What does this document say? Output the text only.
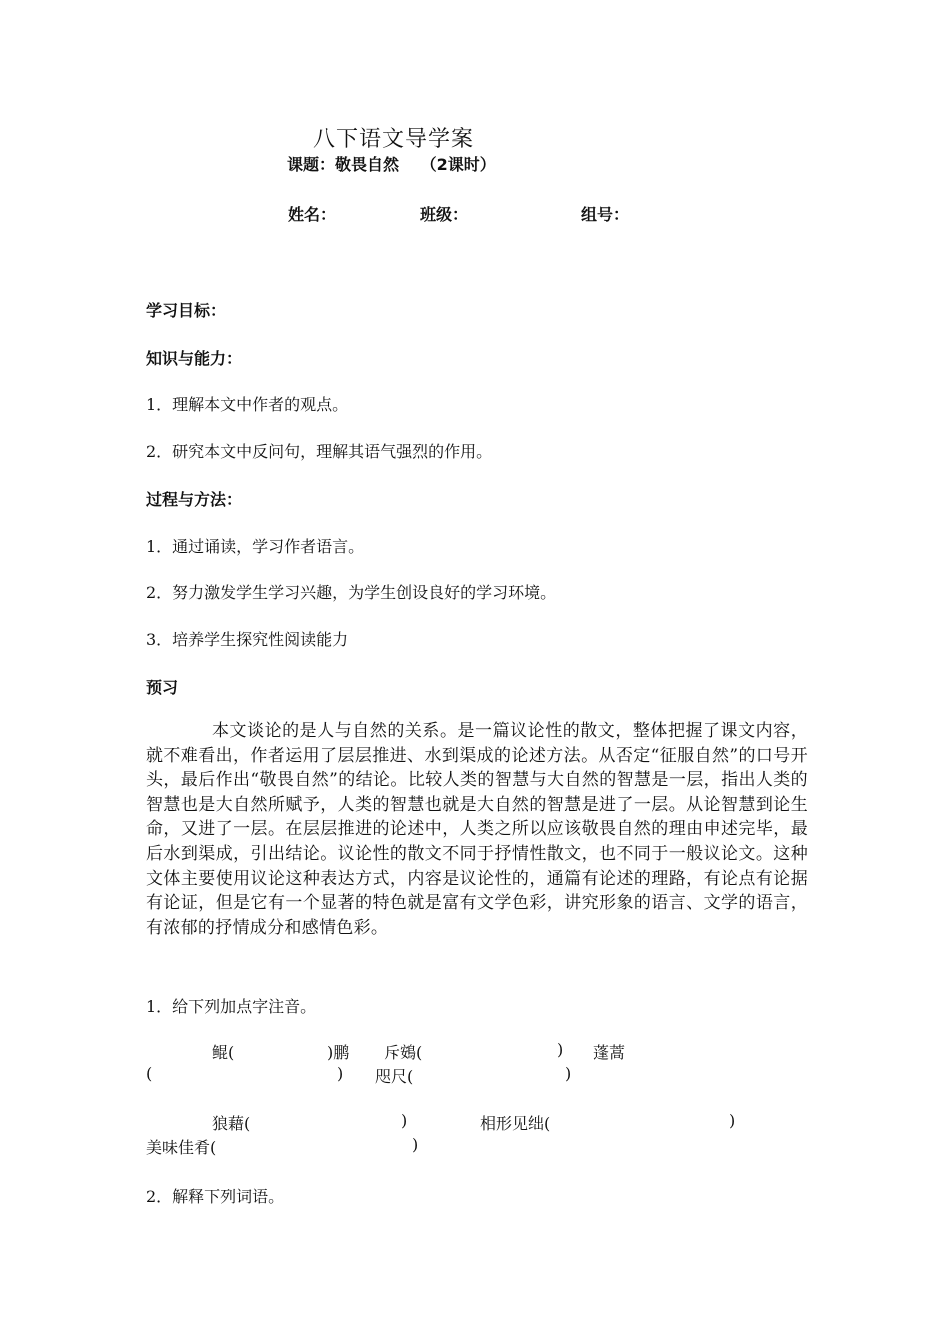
八下语文导学案
课题：敬畏自然　 （2课时）
姓名：	班级：	组号：
学习目标：
知识与能力：
1．理解本文中作者的观点。
2．研究本文中反问句，理解其语气强烈的作用。
过程与方法：
1．通过诵读，学习作者语言。
2．努力激发学生学习兴趣，为学生创设良好的学习环境。
3．培养学生探究性阅读能力
预习
本文谈论的是人与自然的关系。是一篇议论性的散文，整体把握了课文内容，就不难看出，作者运用了层层推进、水到渠成的论述方法。从否定“征服自然”的口号开头，最后作出“敬畏自然”的结论。比较人类的智慧与大自然的智慧是一层，指出人类的智慧也是大自然所赋予，人类的智慧也就是大自然的智慧是进了一层。从论智慧到论生命，又进了一层。在层层推进的论述中，人类之所以应该敬畏自然的理由申述完毕，最后水到渠成，引出结论。议论性的散文不同于抒情性散文，也不同于一般议论文。这种文体主要使用议论这种表达方式，内容是议论性的，通篇有论述的理路，有论点有论据有论证，但是它有一个显著的特色就是富有文学色彩，讲究形象的语言、文学的语言，有浓郁的抒情成分和感情色彩。
1．给下列加点字注音。
鲲(	)鹏 斥鴳(	) 蓬蒿
(	) 咫尺(	)
狼藉(	)	相形见绌(	)
美味佳肴(	)
2．解释下列词语。
